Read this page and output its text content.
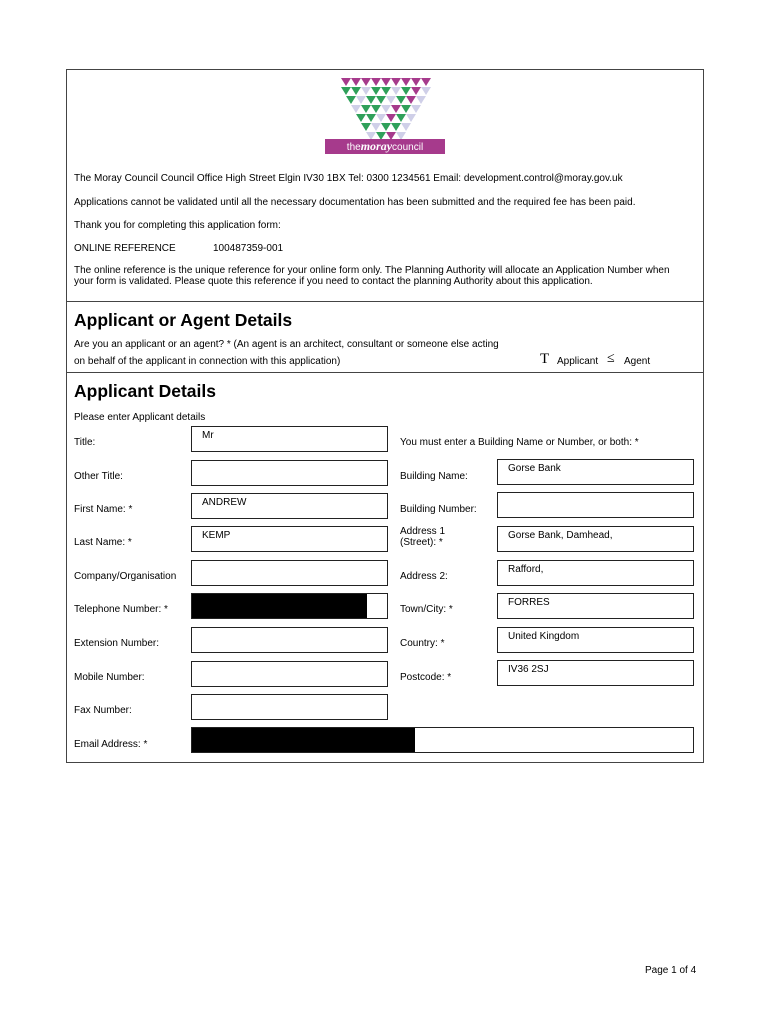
themoraycouncil
The Moray Council Council Office High Street Elgin IV30 1BX Tel: 0300 1234561 Email: development.control@moray.gov.uk
Applications cannot be validated until all the necessary documentation has been submitted and the required fee has been paid.
Thank you for completing this application form:
ONLINE REFERENCE	100487359-001
The online reference is the unique reference for your online form only. The Planning Authority will allocate an Application Number when
your form is validated. Please quote this reference if you need to contact the planning Authority about this application.
Applicant or Agent Details
Are you an applicant or an agent? * (An agent is an architect, consultant or someone else acting
on behalf of the applicant in connection with this application)	T Applicant ≤ Agent
Applicant Details
Please enter Applicant details
Title:
Mr
Other Title:
First Name: *
ANDREW
Last Name: *
KEMP
Company/Organisation
Telephone Number: *
Extension Number:
Mobile Number:
Fax Number:
Email Address: *
You must enter a Building Name or Number, or both: *
Building Name:
Gorse Bank
Building Number:
Address 1
(Street): *
Gorse Bank, Damhead,
Address 2:
Rafford,
Town/City: *
FORRES
Country: *
United Kingdom
Postcode: *
IV36 2SJ
Page 1 of 4
